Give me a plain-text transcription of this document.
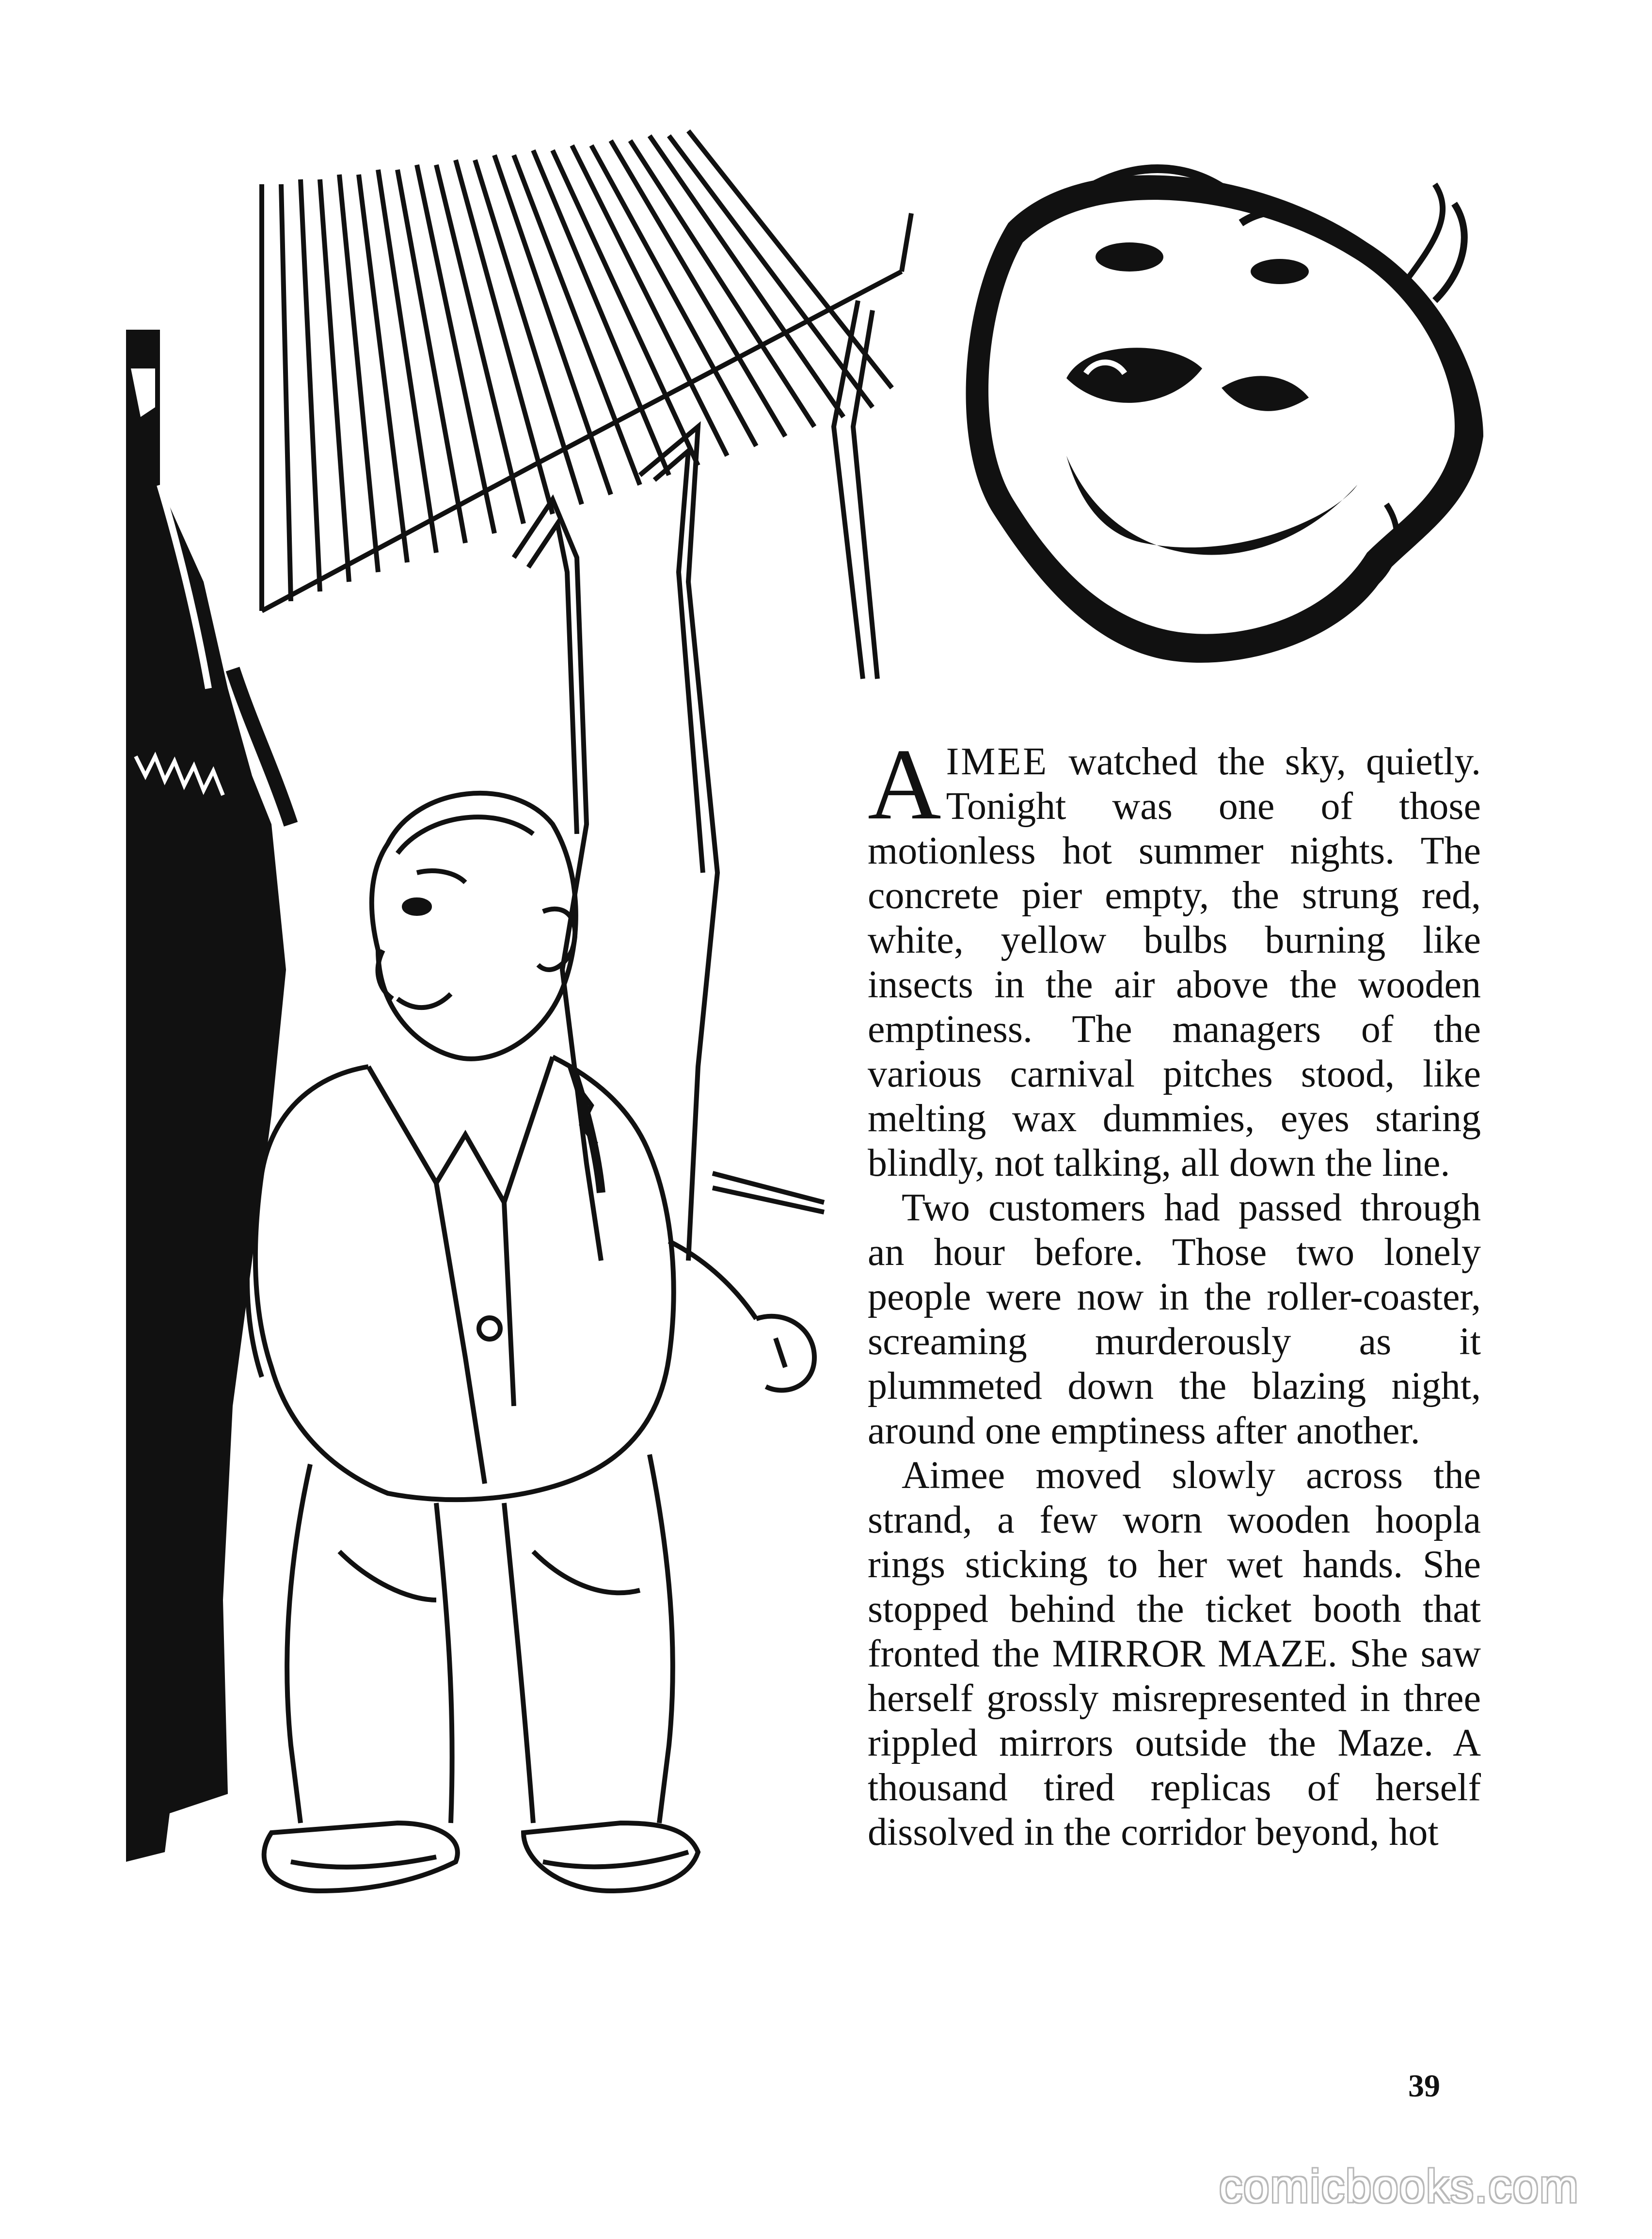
AIMEE watched the sky, quietly. Tonight was one of those motionless hot summer nights. The concrete pier empty, the strung red, white, yellow bulbs burning like insects in the air above the wooden emptiness. The managers of the various carnival pitches stood, like melting wax dummies, eyes staring blindly, not talking, all down the line.

Two customers had passed through an hour before. Those two lonely people were now in the roller-coaster, screaming murderously as it plummeted down the blazing night, around one emptiness after another.

Aimee moved slowly across the strand, a few worn wooden hoopla rings sticking to her wet hands. She stopped behind the ticket booth that fronted the MIRROR MAZE. She saw herself grossly misrepresented in three rippled mirrors outside the Maze. A thousand tired replicas of herself dissolved in the corridor beyond, hot

39
comicbooks.com
